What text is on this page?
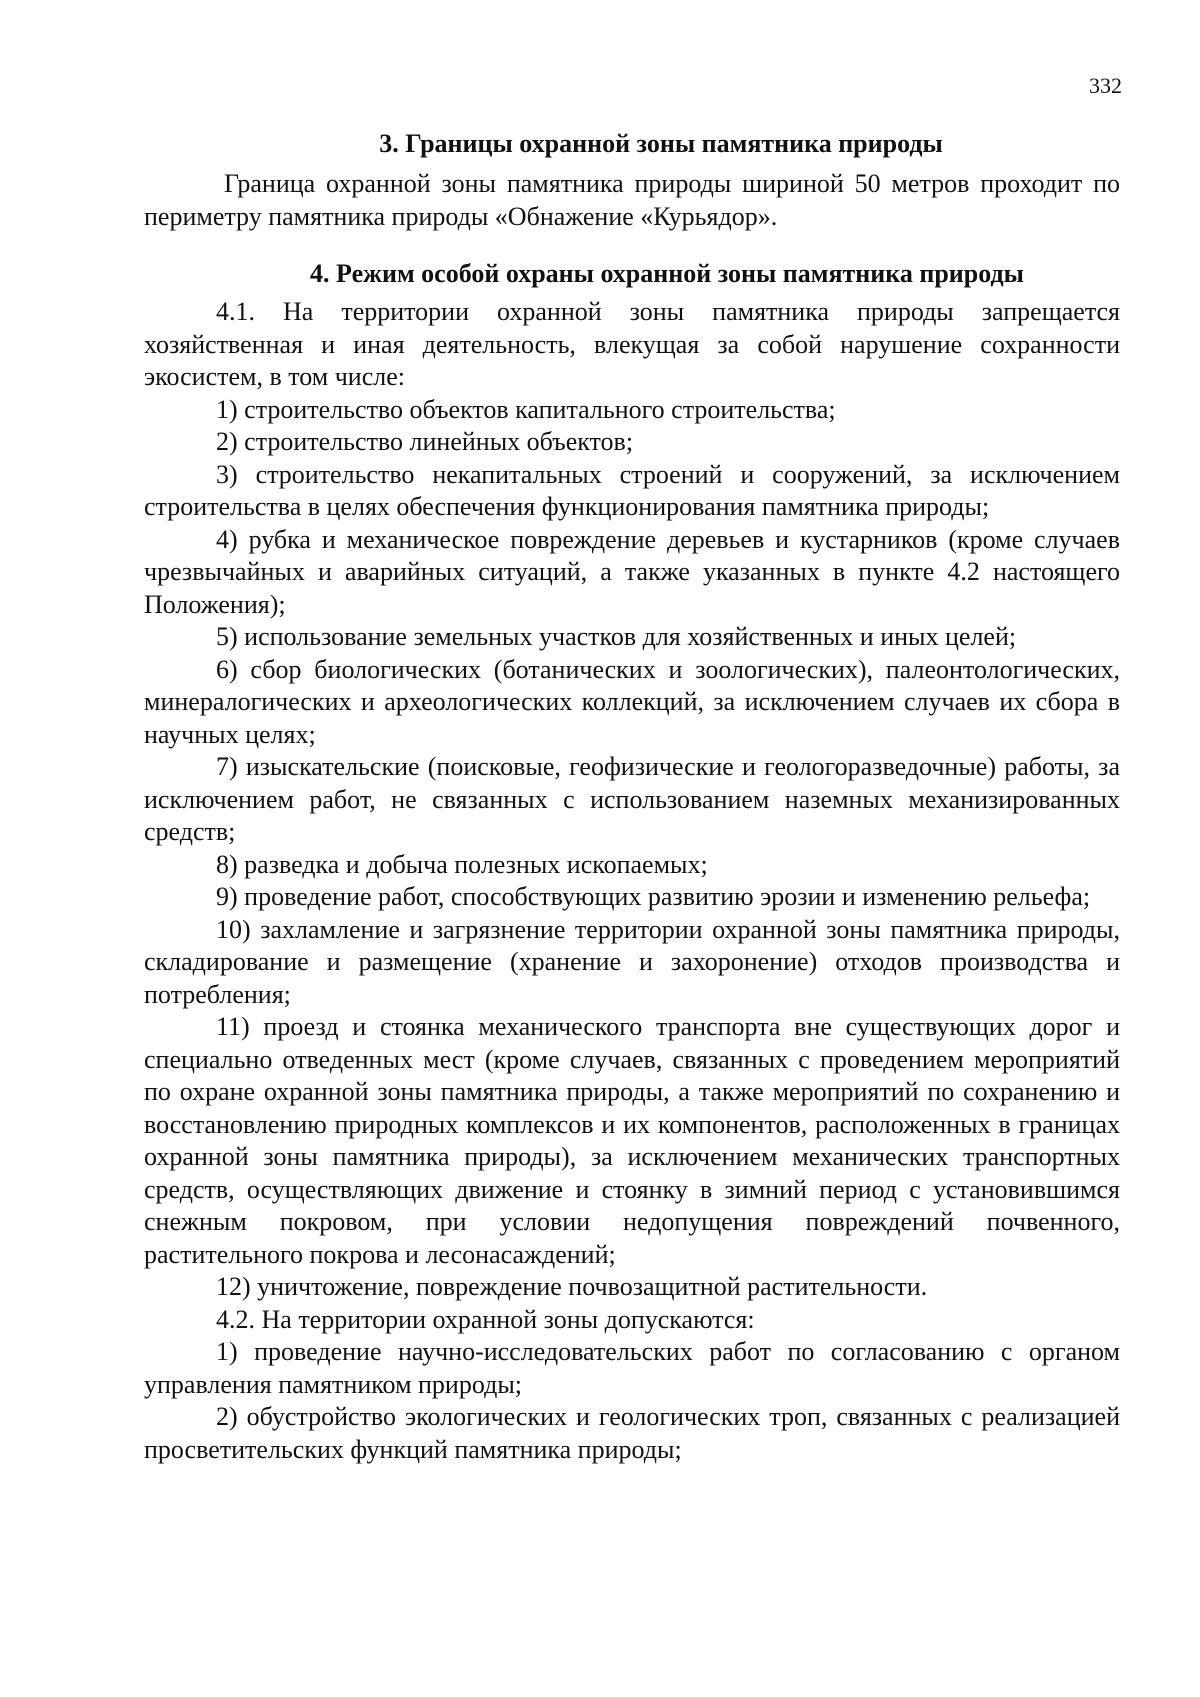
332
3. Границы охранной зоны памятника природы

Граница охранной зоны памятника природы шириной 50 метров проходит по периметру памятника природы «Обнажение «Курьядор».

4. Режим особой охраны охранной зоны памятника природы

4.1. На территории охранной зоны памятника природы запрещается хозяйственная и иная деятельность, влекущая за собой нарушение сохранности экосистем, в том числе:

1) строительство объектов капитального строительства;

2) строительство линейных объектов;

3) строительство некапитальных строений и сооружений, за исключением строительства в целях обеспечения функционирования памятника природы;

4) рубка и механическое повреждение деревьев и кустарников (кроме случаев чрезвычайных и аварийных ситуаций, а также указанных в пункте 4.2 настоящего Положения);

5) использование земельных участков для хозяйственных и иных целей;

6) сбор биологических (ботанических и зоологических), палеонтологических, минералогических и археологических коллекций, за исключением случаев их сбора в научных целях;

7) изыскательские (поисковые, геофизические и геологоразведочные) работы, за исключением работ, не связанных с использованием наземных механизированных средств;

8) разведка и добыча полезных ископаемых;

9) проведение работ, способствующих развитию эрозии и изменению рельефа;

10) захламление и загрязнение территории охранной зоны памятника природы, складирование и размещение (хранение и захоронение) отходов производства и потребления;

11) проезд и стоянка механического транспорта вне существующих дорог и специально отведенных мест (кроме случаев, связанных с проведением мероприятий по охране охранной зоны памятника природы, а также мероприятий по сохранению и восстановлению природных комплексов и их компонентов, расположенных в границах охранной зоны памятника природы), за исключением механических транспортных средств, осуществляющих движение и стоянку в зимний период с установившимся снежным покровом, при условии недопущения повреждений почвенного, растительного покрова и лесонасаждений;

12) уничтожение, повреждение почвозащитной растительности.

4.2. На территории охранной зоны допускаются:

1) проведение научно-исследовательских работ по согласованию с органом управления памятником природы;

2) обустройство экологических и геологических троп, связанных с реализацией просветительских функций памятника природы;
